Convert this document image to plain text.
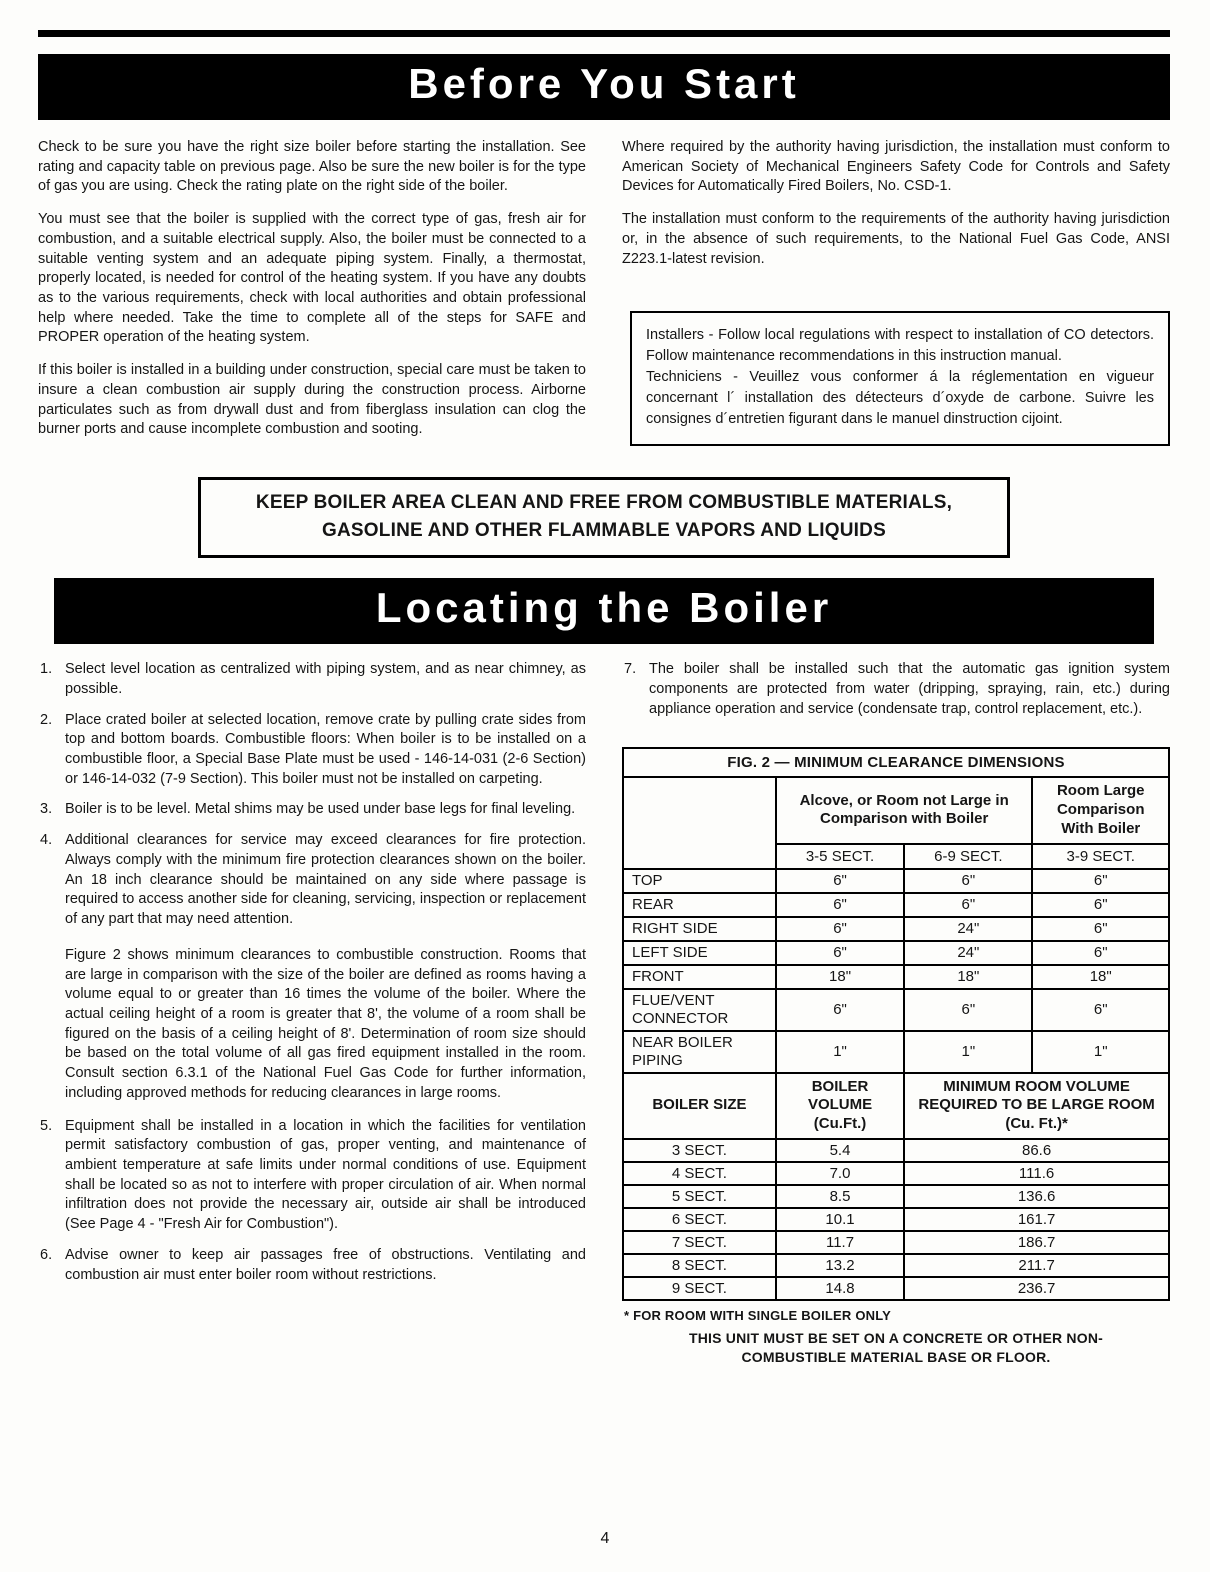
Before You Start

Check to be sure you have the right size boiler before starting the installation. See rating and capacity table on previous page. Also be sure the new boiler is for the type of gas you are using. Check the rating plate on the right side of the boiler.

You must see that the boiler is supplied with the correct type of gas, fresh air for combustion, and a suitable electrical supply. Also, the boiler must be connected to a suitable venting system and an adequate piping system. Finally, a thermostat, properly located, is needed for control of the heating system. If you have any doubts as to the various requirements, check with local authorities and obtain professional help where needed. Take the time to complete all of the steps for SAFE and PROPER operation of the heating system.

If this boiler is installed in a building under construction, special care must be taken to insure a clean combustion air supply during the construction process. Airborne particulates such as from drywall dust and from fiberglass insulation can clog the burner ports and cause incomplete combustion and sooting.

Where required by the authority having jurisdiction, the installation must conform to American Society of Mechanical Engineers Safety Code for Controls and Safety Devices for Automatically Fired Boilers, No. CSD-1.

The installation must conform to the requirements of the authority having jurisdiction or, in the absence of such requirements, to the National Fuel Gas Code, ANSI Z223.1-latest revision.

Installers - Follow local regulations with respect to installation of CO detectors. Follow maintenance recommendations in this instruction manual.

Techniciens - Veuillez vous conformer á la réglementation en vigueur concernant l´ installation des détecteurs d´oxyde de carbone. Suivre les consignes d´entretien figurant dans le manuel dinstruction cijoint.

KEEP BOILER AREA CLEAN AND FREE FROM COMBUSTIBLE MATERIALS, GASOLINE AND OTHER FLAMMABLE VAPORS AND LIQUIDS
Locating the Boiler
1. Select level location as centralized with piping system, and as near chimney, as possible.
2. Place crated boiler at selected location, remove crate by pulling crate sides from top and bottom boards. Combustible floors: When boiler is to be installed on a combustible floor, a Special Base Plate must be used - 146-14-031 (2-6 Section) or 146-14-032 (7-9 Section). This boiler must not be installed on carpeting.
3. Boiler is to be level. Metal shims may be used under base legs for final leveling.
4. Additional clearances for service may exceed clearances for fire protection. Always comply with the minimum fire protection clearances shown on the boiler. An 18 inch clearance should be maintained on any side where passage is required to access another side for cleaning, servicing, inspection or replacement of any part that may need attention.

Figure 2 shows minimum clearances to combustible construction. Rooms that are large in comparison with the size of the boiler are defined as rooms having a volume equal to or greater than 16 times the volume of the boiler. Where the actual ceiling height of a room is greater that 8', the volume of a room shall be figured on the basis of a ceiling height of 8'. Determination of room size should be based on the total volume of all gas fired equipment installed in the room. Consult section 6.3.1 of the National Fuel Gas Code for further information, including approved methods for reducing clearances in large rooms.

5. Equipment shall be installed in a location in which the facilities for ventilation permit satisfactory combustion of gas, proper venting, and maintenance of ambient temperature at safe limits under normal conditions of use. Equipment shall be located so as not to interfere with proper circulation of air. When normal infiltration does not provide the necessary air, outside air shall be introduced (See Page 4 - "Fresh Air for Combustion").
6. Advise owner to keep air passages free of obstructions. Ventilating and combustion air must enter boiler room without restrictions.
7. The boiler shall be installed such that the automatic gas ignition system components are protected from water (dripping, spraying, rain, etc.) during appliance operation and service (condensate trap, control replacement, etc.).
FIG. 2 — MINIMUM CLEARANCE DIMENSIONS			
	Alcove, or Room not Large in Comparison with Boiler		Room Large Comparison With Boiler
	3-5 SECT.	6-9 SECT.	3-9 SECT.
TOP	6"	6"	6"
REAR	6"	6"	6"
RIGHT SIDE	6"	24"	6"
LEFT SIDE	6"	24"	6"
FRONT	18"	18"	18"
FLUE/VENT CONNECTOR	6"	6"	6"
NEAR BOILER PIPING	1"	1"	1"
BOILER SIZE	BOILER VOLUME (Cu.Ft.)	MINIMUM ROOM VOLUME REQUIRED TO BE LARGE ROOM (Cu. Ft.)*	
3 SECT.	5.4	86.6	
4 SECT.	7.0	111.6	
5 SECT.	8.5	136.6	
6 SECT.	10.1	161.7	
7 SECT.	11.7	186.7	
8 SECT.	13.2	211.7	
9 SECT.	14.8	236.7	
* FOR ROOM WITH SINGLE BOILER ONLY
THIS UNIT MUST BE SET ON A CONCRETE OR OTHER NON-COMBUSTIBLE MATERIAL BASE OR FLOOR.
4
